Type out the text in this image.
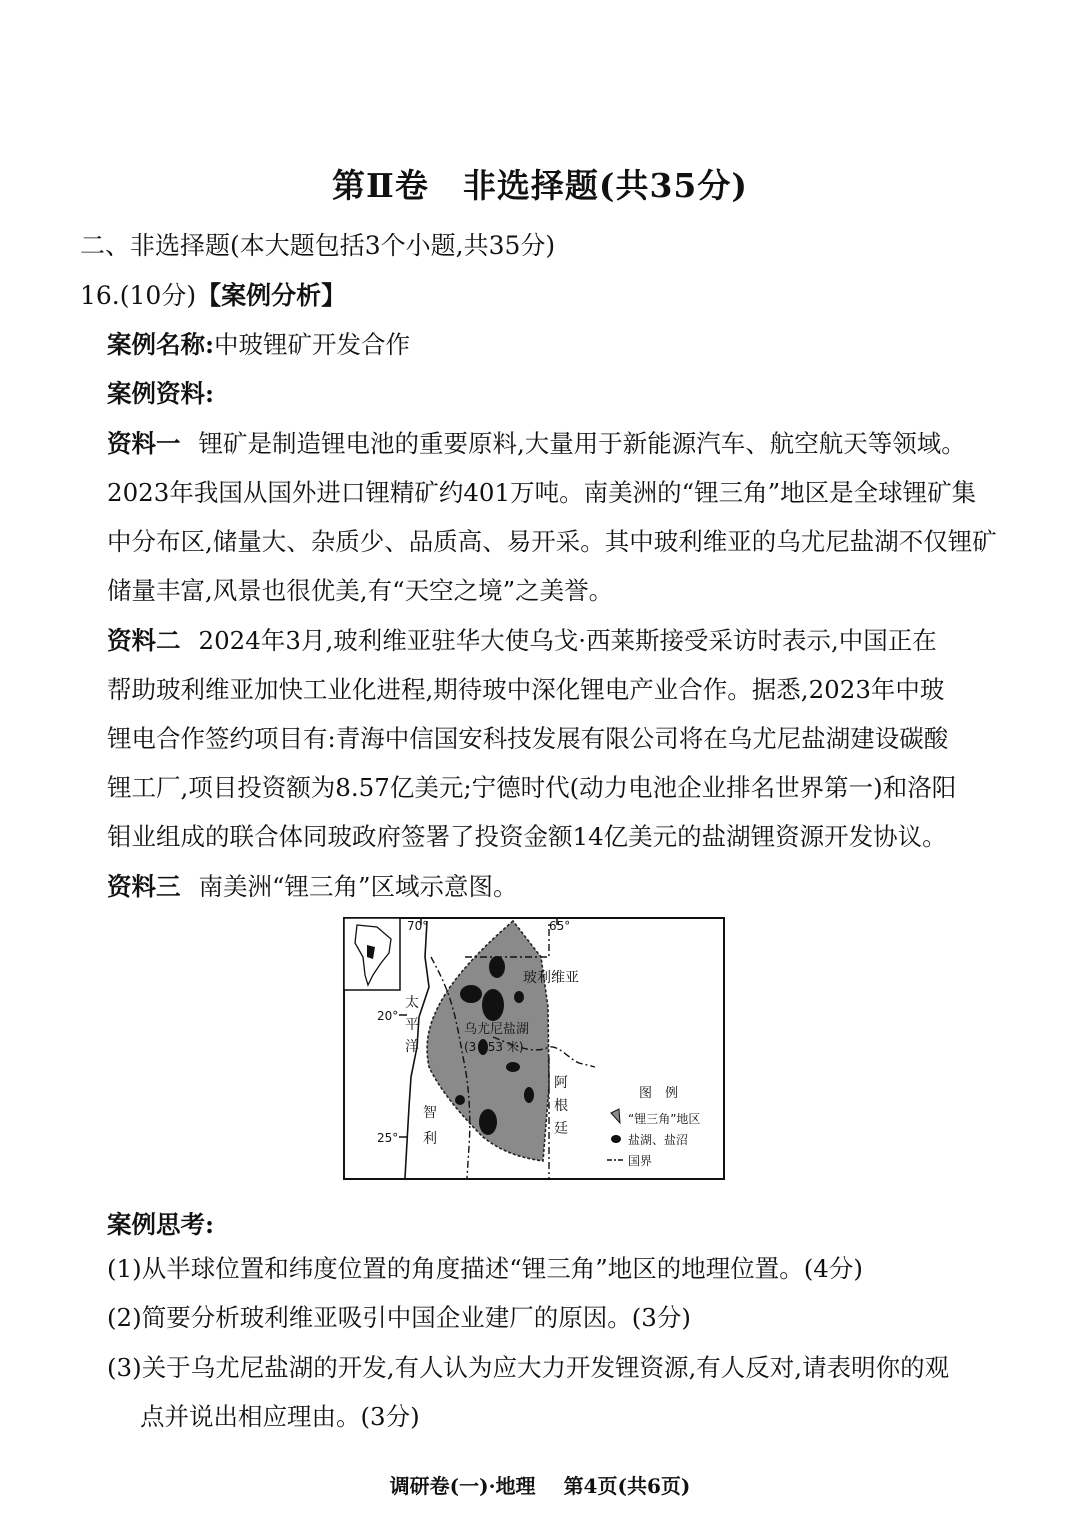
第Ⅱ卷　非选择题(共35分)
二、非选择题(本大题包括3个小题,共35分)
16.(10分)【案例分析】
案例名称:中玻锂矿开发合作
案例资料:
资料一 锂矿是制造锂电池的重要原料,大量用于新能源汽车、航空航天等领域。
2023年我国从国外进口锂精矿约401万吨。南美洲的“锂三角”地区是全球锂矿集
中分布区,储量大、杂质少、品质高、易开采。其中玻利维亚的乌尤尼盐湖不仅锂矿
储量丰富,风景也很优美,有“天空之境”之美誉。
资料二 2024年3月,玻利维亚驻华大使乌戈·西莱斯接受采访时表示,中国正在
帮助玻利维亚加快工业化进程,期待玻中深化锂电产业合作。据悉,2023年中玻
锂电合作签约项目有:青海中信国安科技发展有限公司将在乌尤尼盐湖建设碳酸
锂工厂,项目投资额为8.57亿美元;宁德时代(动力电池企业排名世界第一)和洛阳
钼业组成的联合体同玻政府签署了投资金额14亿美元的盐湖锂资源开发协议。
资料三 南美洲“锂三角”区域示意图。
70°	65°
20°
25°
太
平
洋
智
利
阿
根
廷
玻利维亚
乌尤尼盐湖
(3 653 米)
图　例
“锂三角”地区
盐湖、盐沼
国界
案例思考:
(1)从半球位置和纬度位置的角度描述“锂三角”地区的地理位置。(4分)
(2)简要分析玻利维亚吸引中国企业建厂的原因。(3分)
(3)关于乌尤尼盐湖的开发,有人认为应大力开发锂资源,有人反对,请表明你的观
点并说出相应理由。(3分)
调研卷(一)·地理 第4页(共6页)
